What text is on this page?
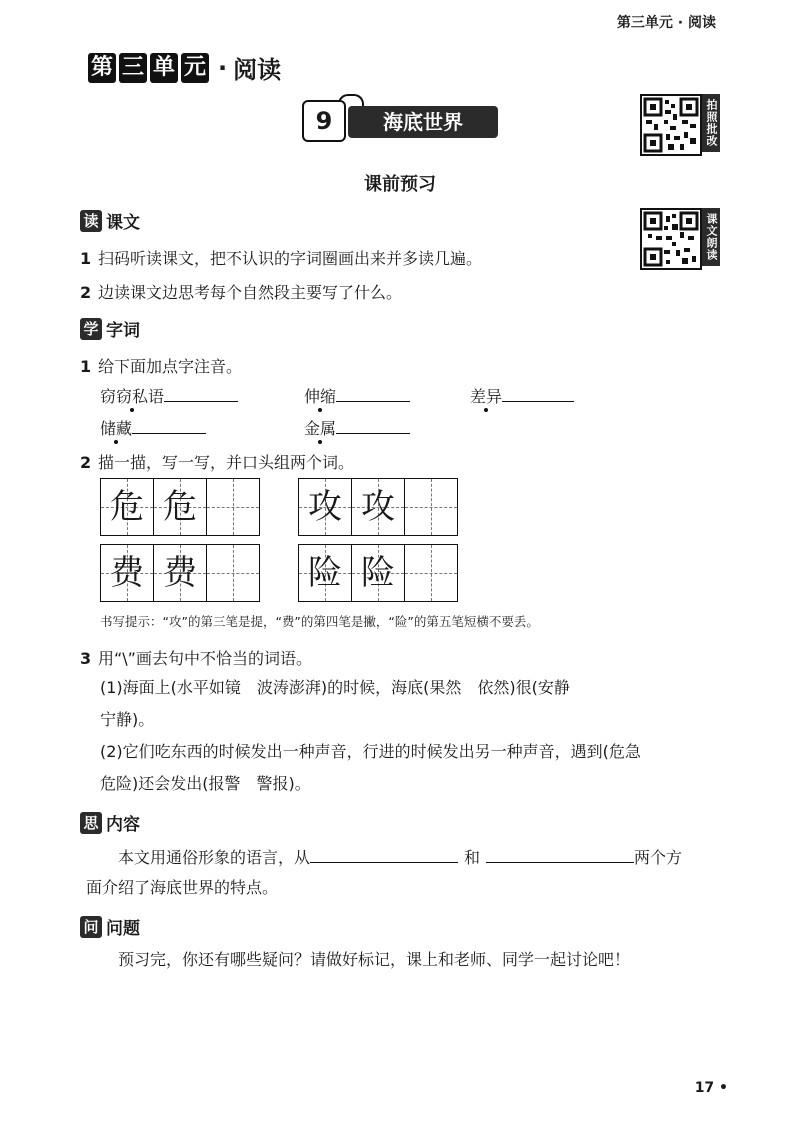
第三单元 · 阅读
第 三 单 元 · 阅读
海底世界
9	拍照批改
课文朗读
课前预习
读 课文
1 扫码听读课文，把不认识的字词圈画出来并多读几遍。
2 边读课文边思考每个自然段主要写了什么。
学 字词
1 给下面加点字注音。
窃窃私语	伸缩	差异
储藏	金属
2 描一描，写一写，并口头组两个词。
危 危	攻 攻
费 费	险 险
书写提示：“攻”的第三笔是提，“费”的第四笔是撇，“险”的第五笔短横不要丢。
3 用“\”画去句中不恰当的词语。
(1)海面上(水平如镜　波涛澎湃)的时候，海底(果然　依然)很(安静
宁静)。
(2)它们吃东西的时候发出一种声音，行进的时候发出另一种声音，遇到(危急
危险)还会发出(报警　警报)。
思 内容
本文用通俗形象的语言，从	和	两个方
面介绍了海底世界的特点。
问 问题
预习完，你还有哪些疑问？请做好标记，课上和老师、同学一起讨论吧！
17 •
